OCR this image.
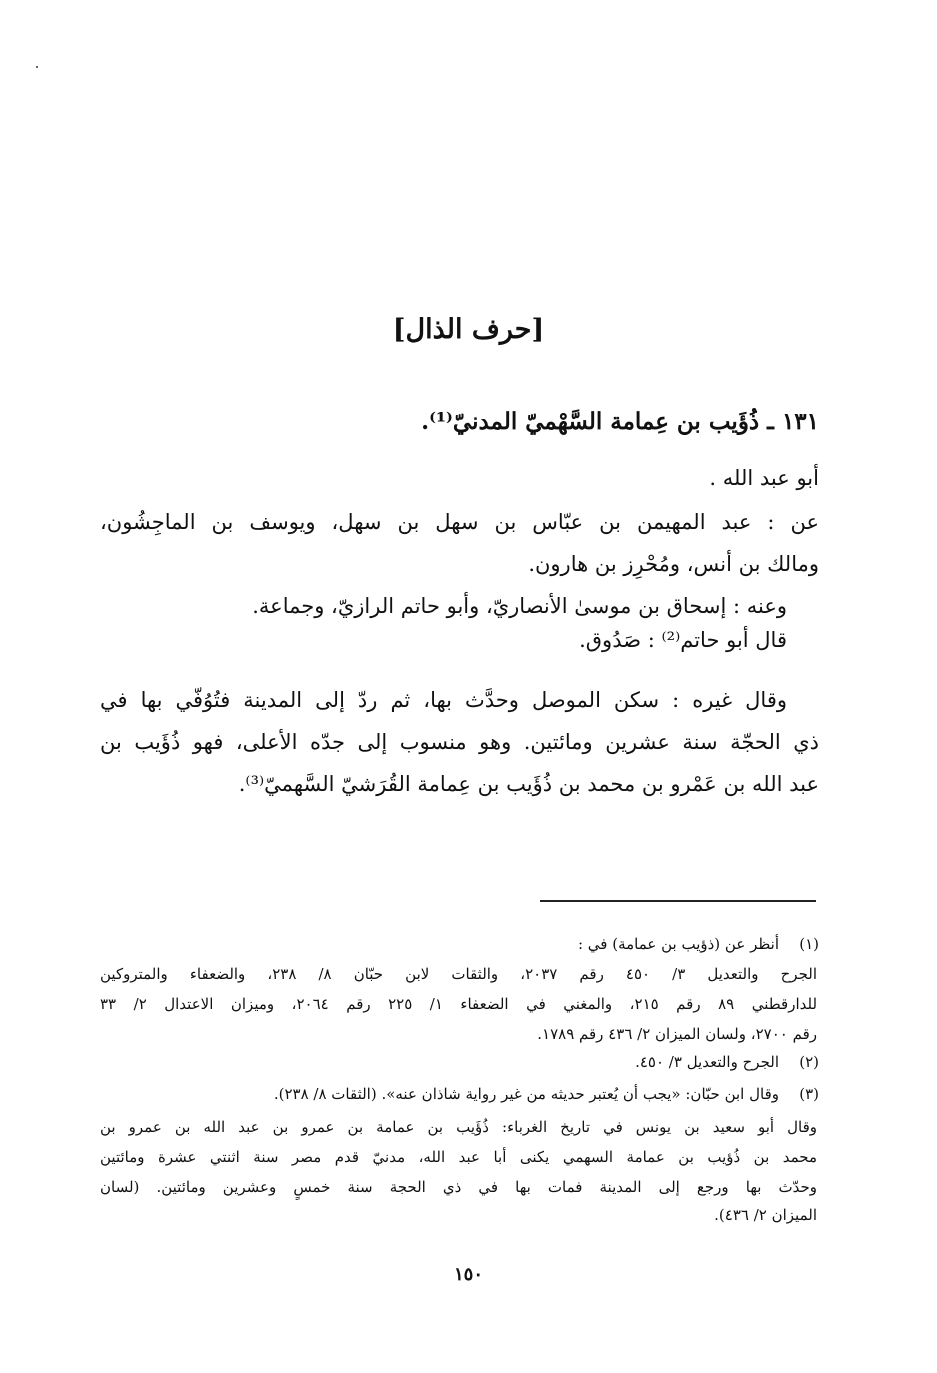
[حرف الذال]
١٣١ ـ ذُؤَيب بن عِمامة السَّهْميّ المدنيّ⁽¹⁾.
أبو عبد الله .
عن : عبد المهيمن بن عبّاس بن سهل بن سهل، ويوسف بن الماجِشُون،
ومالك بن أنس، ومُحْرِز بن هارون.
وعنه : إسحاق بن موسىٰ الأنصاريّ، وأبو حاتم الرازيّ، وجماعة.
قال أبو حاتم⁽²⁾ : صَدُوق.
وقال غيره : سكن الموصل وحدَّث بها، ثم ردّ إلى المدينة فتُوُفّي بها في
ذي الحجّة سنة عشرين ومائتين. وهو منسوب إلى جدّه الأعلى، فهو ذُؤَيب بن
عبد الله بن عَمْرو بن محمد بن ذُؤَيب بن عِمامة القُرَشيّ السَّهميّ⁽³⁾.
(١)
أنظر عن (ذؤيب بن عمامة) في :
الجرح والتعديل ٣/ ٤٥٠ رقم ٢٠٣٧، والثقات لابن حبّان ٨/ ٢٣٨، والضعفاء والمتروكين
للدارقطني ٨٩ رقم ٢١٥، والمغني في الضعفاء ١/ ٢٢٥ رقم ٢٠٦٤، وميزان الاعتدال ٢/ ٣٣
رقم ٢٧٠٠، ولسان الميزان ٢/ ٤٣٦ رقم ١٧٨٩.
(٢)
الجرح والتعديل ٣/ ٤٥٠.
(٣)
وقال ابن حبّان: «يجب أن يُعتبر حديثه من غير رواية شاذان عنه». (الثقات ٨/ ٢٣٨).
وقال أبو سعيد بن يونس في تاريخ الغرباء: ذُؤَيب بن عمامة بن عمرو بن عبد الله بن عمرو بن
محمد بن ذُؤيب بن عمامة السهمي يكنى أبا عبد الله، مدنيّ قدم مصر سنة اثنتي عشرة ومائتين
وحدّث بها ورجع إلى المدينة فمات بها في ذي الحجة سنة خمسٍ وعشرين ومائتين. (لسان
الميزان ٢/ ٤٣٦).
١٥٠
